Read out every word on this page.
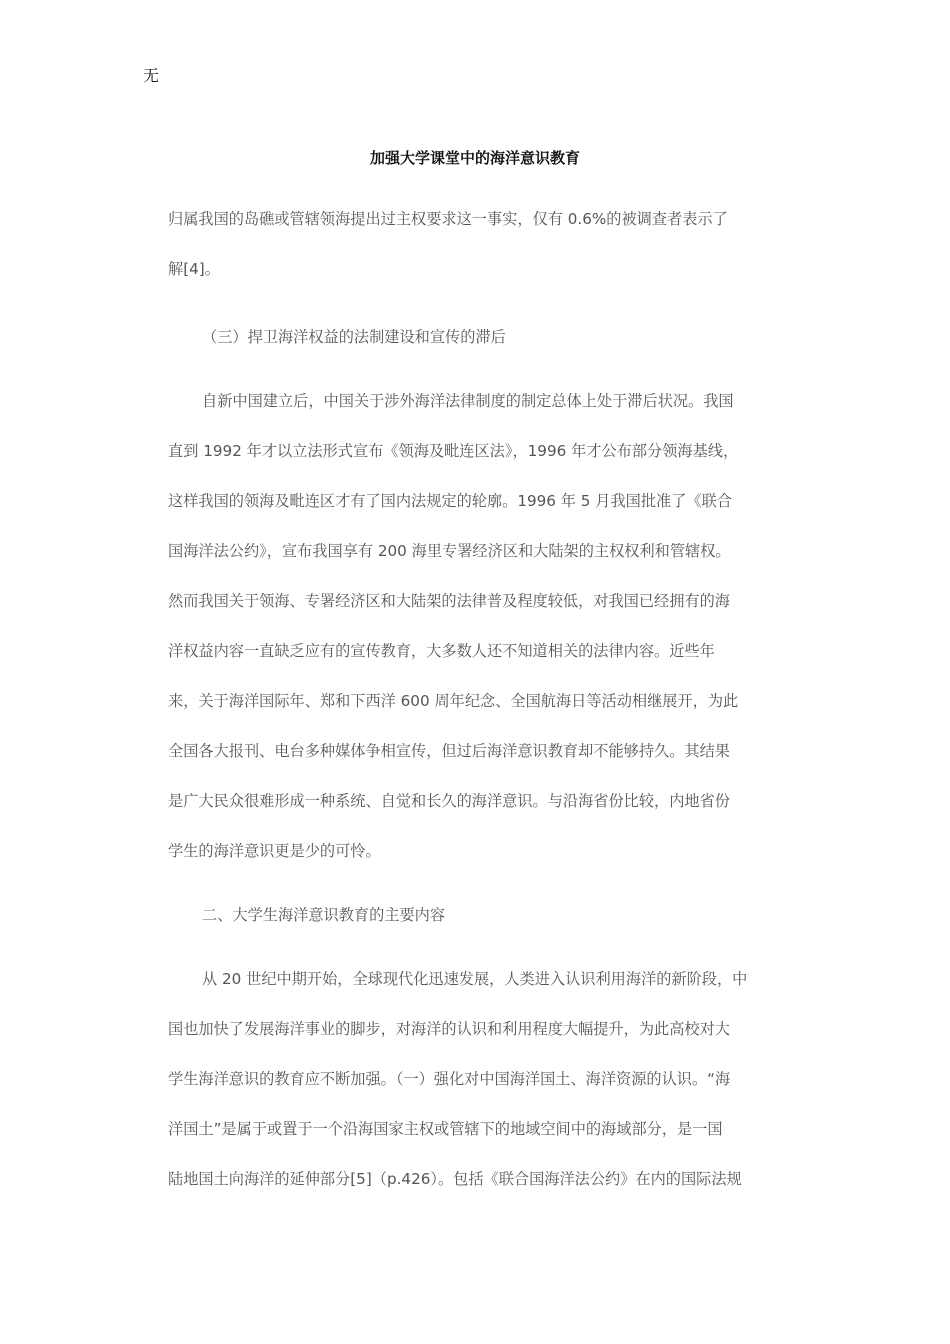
无
加强大学课堂中的海洋意识教育
归属我国的岛礁或管辖领海提出过主权要求这一事实，仅有 0.6%的被调查者表示了
解[4]。
（三）捍卫海洋权益的法制建设和宣传的滞后
自新中国建立后，中国关于涉外海洋法律制度的制定总体上处于滞后状况。我国
直到 1992 年才以立法形式宣布《领海及毗连区法》，1996 年才公布部分领海基线，
这样我国的领海及毗连区才有了国内法规定的轮廓。1996 年 5 月我国批准了《联合
国海洋法公约》，宣布我国享有 200 海里专署经济区和大陆架的主权权利和管辖权。
然而我国关于领海、专署经济区和大陆架的法律普及程度较低，对我国已经拥有的海
洋权益内容一直缺乏应有的宣传教育，大多数人还不知道相关的法律内容。近些年
来，关于海洋国际年、郑和下西洋 600 周年纪念、全国航海日等活动相继展开，为此
全国各大报刊、电台多种媒体争相宣传，但过后海洋意识教育却不能够持久。其结果
是广大民众很难形成一种系统、自觉和长久的海洋意识。与沿海省份比较，内地省份
学生的海洋意识更是少的可怜。
二、大学生海洋意识教育的主要内容
从 20 世纪中期开始，全球现代化迅速发展，人类进入认识利用海洋的新阶段，中
国也加快了发展海洋事业的脚步，对海洋的认识和利用程度大幅提升，为此高校对大
学生海洋意识的教育应不断加强。（一）强化对中国海洋国土、海洋资源的认识。“海
洋国土”是属于或置于一个沿海国家主权或管辖下的地域空间中的海域部分，是一国
陆地国土向海洋的延伸部分[5]（p.426）。包括《联合国海洋法公约》在内的国际法规
